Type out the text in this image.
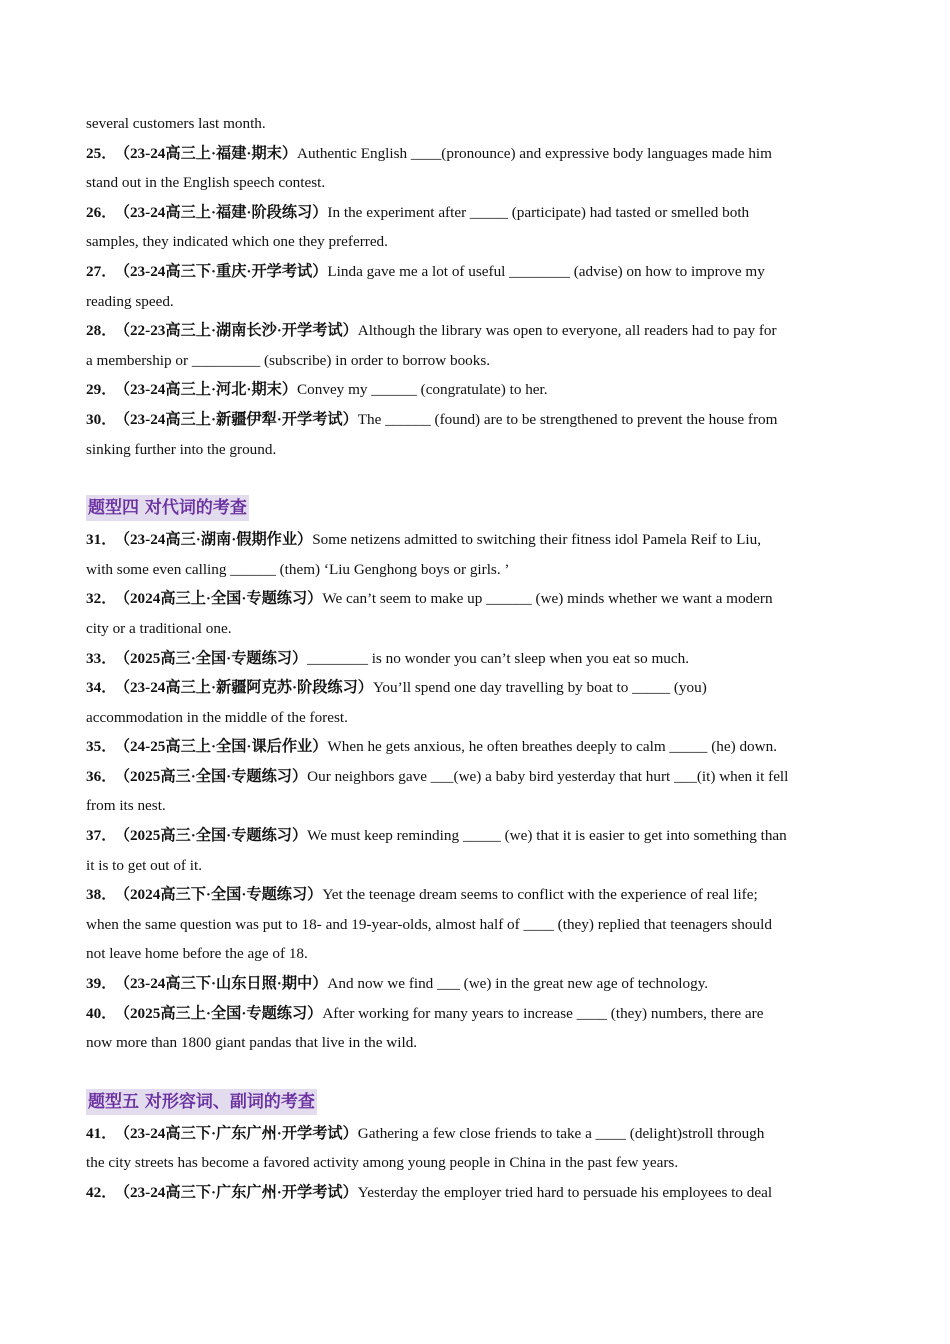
several customers last month.
25． （23-24高三上·福建·期末）Authentic English ____(pronounce) and expressive body languages made him
stand out in the English speech contest.
26． （23-24高三上·福建·阶段练习）In the experiment after _____ (participate) had tasted or smelled both
samples, they indicated which one they preferred.
27． （23-24高三下·重庆·开学考试）Linda gave me a lot of useful ________ (advise) on how to improve my
reading speed.
28． （22-23高三上·湖南长沙·开学考试）Although the library was open to everyone, all readers had to pay for
a membership or _________ (subscribe) in order to borrow books.
29． （23-24高三上·河北·期末）Convey my ______ (congratulate) to her.
30． （23-24高三上·新疆伊犁·开学考试）The ______ (found) are to be strengthened to prevent the house from
sinking further into the ground.
题型四 对代词的考查
31． （23-24高三·湖南·假期作业）Some netizens admitted to switching their fitness idol Pamela Reif to Liu,
with some even calling ______ (them) ‘Liu Genghong boys or girls. ’
32． （2024高三上·全国·专题练习）We can’t seem to make up ______ (we) minds whether we want a modern
city or a traditional one.
33． （2025高三·全国·专题练习）________ is no wonder you can’t sleep when you eat so much.
34． （23-24高三上·新疆阿克苏·阶段练习）You’ll spend one day travelling by boat to _____ (you)
accommodation in the middle of the forest.
35． （24-25高三上·全国·课后作业）When he gets anxious, he often breathes deeply to calm _____ (he) down.
36． （2025高三·全国·专题练习）Our neighbors gave ___(we) a baby bird yesterday that hurt ___(it) when it fell
from its nest.
37． （2025高三·全国·专题练习）We must keep reminding _____ (we) that it is easier to get into something than
it is to get out of it.
38． （2024高三下·全国·专题练习）Yet the teenage dream seems to conflict with the experience of real life;
when the same question was put to 18- and 19-year-olds, almost half of ____ (they) replied that teenagers should
not leave home before the age of 18.
39． （23-24高三下·山东日照·期中）And now we find ___ (we) in the great new age of technology.
40． （2025高三上·全国·专题练习）After working for many years to increase ____ (they) numbers, there are
now more than 1800 giant pandas that live in the wild.
题型五 对形容词、副词的考查
41． （23-24高三下·广东广州·开学考试）Gathering a few close friends to take a ____ (delight)stroll through
the city streets has become a favored activity among young people in China in the past few years.
42． （23-24高三下·广东广州·开学考试）Yesterday the employer tried hard to persuade his employees to deal
